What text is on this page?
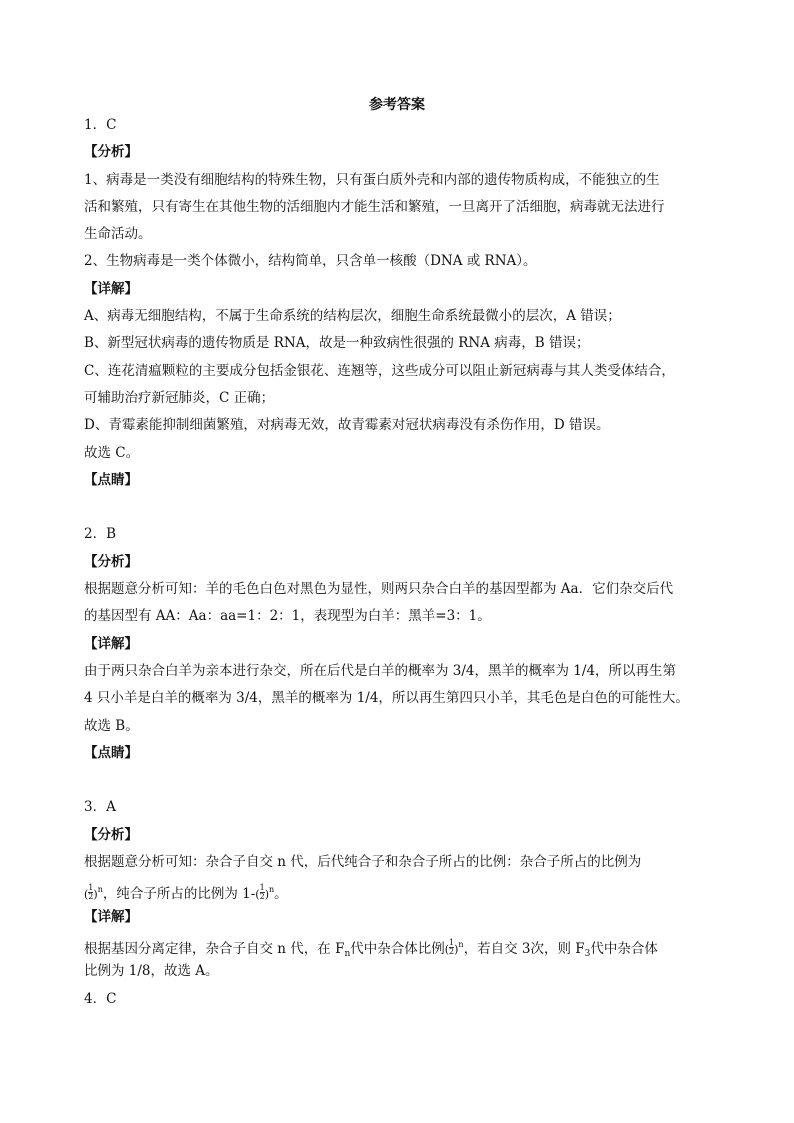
参考答案
1．C
【分析】
1、病毒是一类没有细胞结构的特殊生物，只有蛋白质外壳和内部的遗传物质构成，不能独立的生
活和繁殖，只有寄生在其他生物的活细胞内才能生活和繁殖，一旦离开了活细胞，病毒就无法进行
生命活动。
2、生物病毒是一类个体微小，结构简单，只含单一核酸（DNA 或 RNA）。
【详解】
A、病毒无细胞结构，不属于生命系统的结构层次，细胞生命系统最微小的层次，A 错误；
B、新型冠状病毒的遗传物质是 RNA，故是一种致病性很强的 RNA 病毒，B 错误；
C、连花清瘟颗粒的主要成分包括金银花、连翘等，这些成分可以阻止新冠病毒与其人类受体结合，
可辅助治疗新冠肺炎，C 正确；
D、青霉素能抑制细菌繁殖，对病毒无效，故青霉素对冠状病毒没有杀伤作用，D 错误。
故选 C。
【点睛】
2．B
【分析】
根据题意分析可知：羊的毛色白色对黑色为显性，则两只杂合白羊的基因型都为 Aa．它们杂交后代
的基因型有 AA：Aa：aa=1：2：1，表现型为白羊：黑羊=3：1。
【详解】
由于两只杂合白羊为亲本进行杂交，所在后代是白羊的概率为 3/4，黑羊的概率为 1/4，所以再生第
4 只小羊是白羊的概率为 3/4，黑羊的概率为 1/4，所以再生第四只小羊，其毛色是白色的可能性大。
故选 B。
【点睛】
3．A
【分析】
根据题意分析可知：杂合子自交 n 代，后代纯合子和杂合子所占的比例：杂合子所占的比例为
( $\frac{1}{2} )^n$，纯合子所占的比例为 $1-( \frac{1}{2} )^n$。
【详解】
根据基因分离定律，杂合子自交 n 代，在 $F_n$代中杂合体比例( $\frac{1}{2} )^n$，若自交 3次，则 $F_3$代中杂合体
比例为 1/8，故选 A。
4．C
